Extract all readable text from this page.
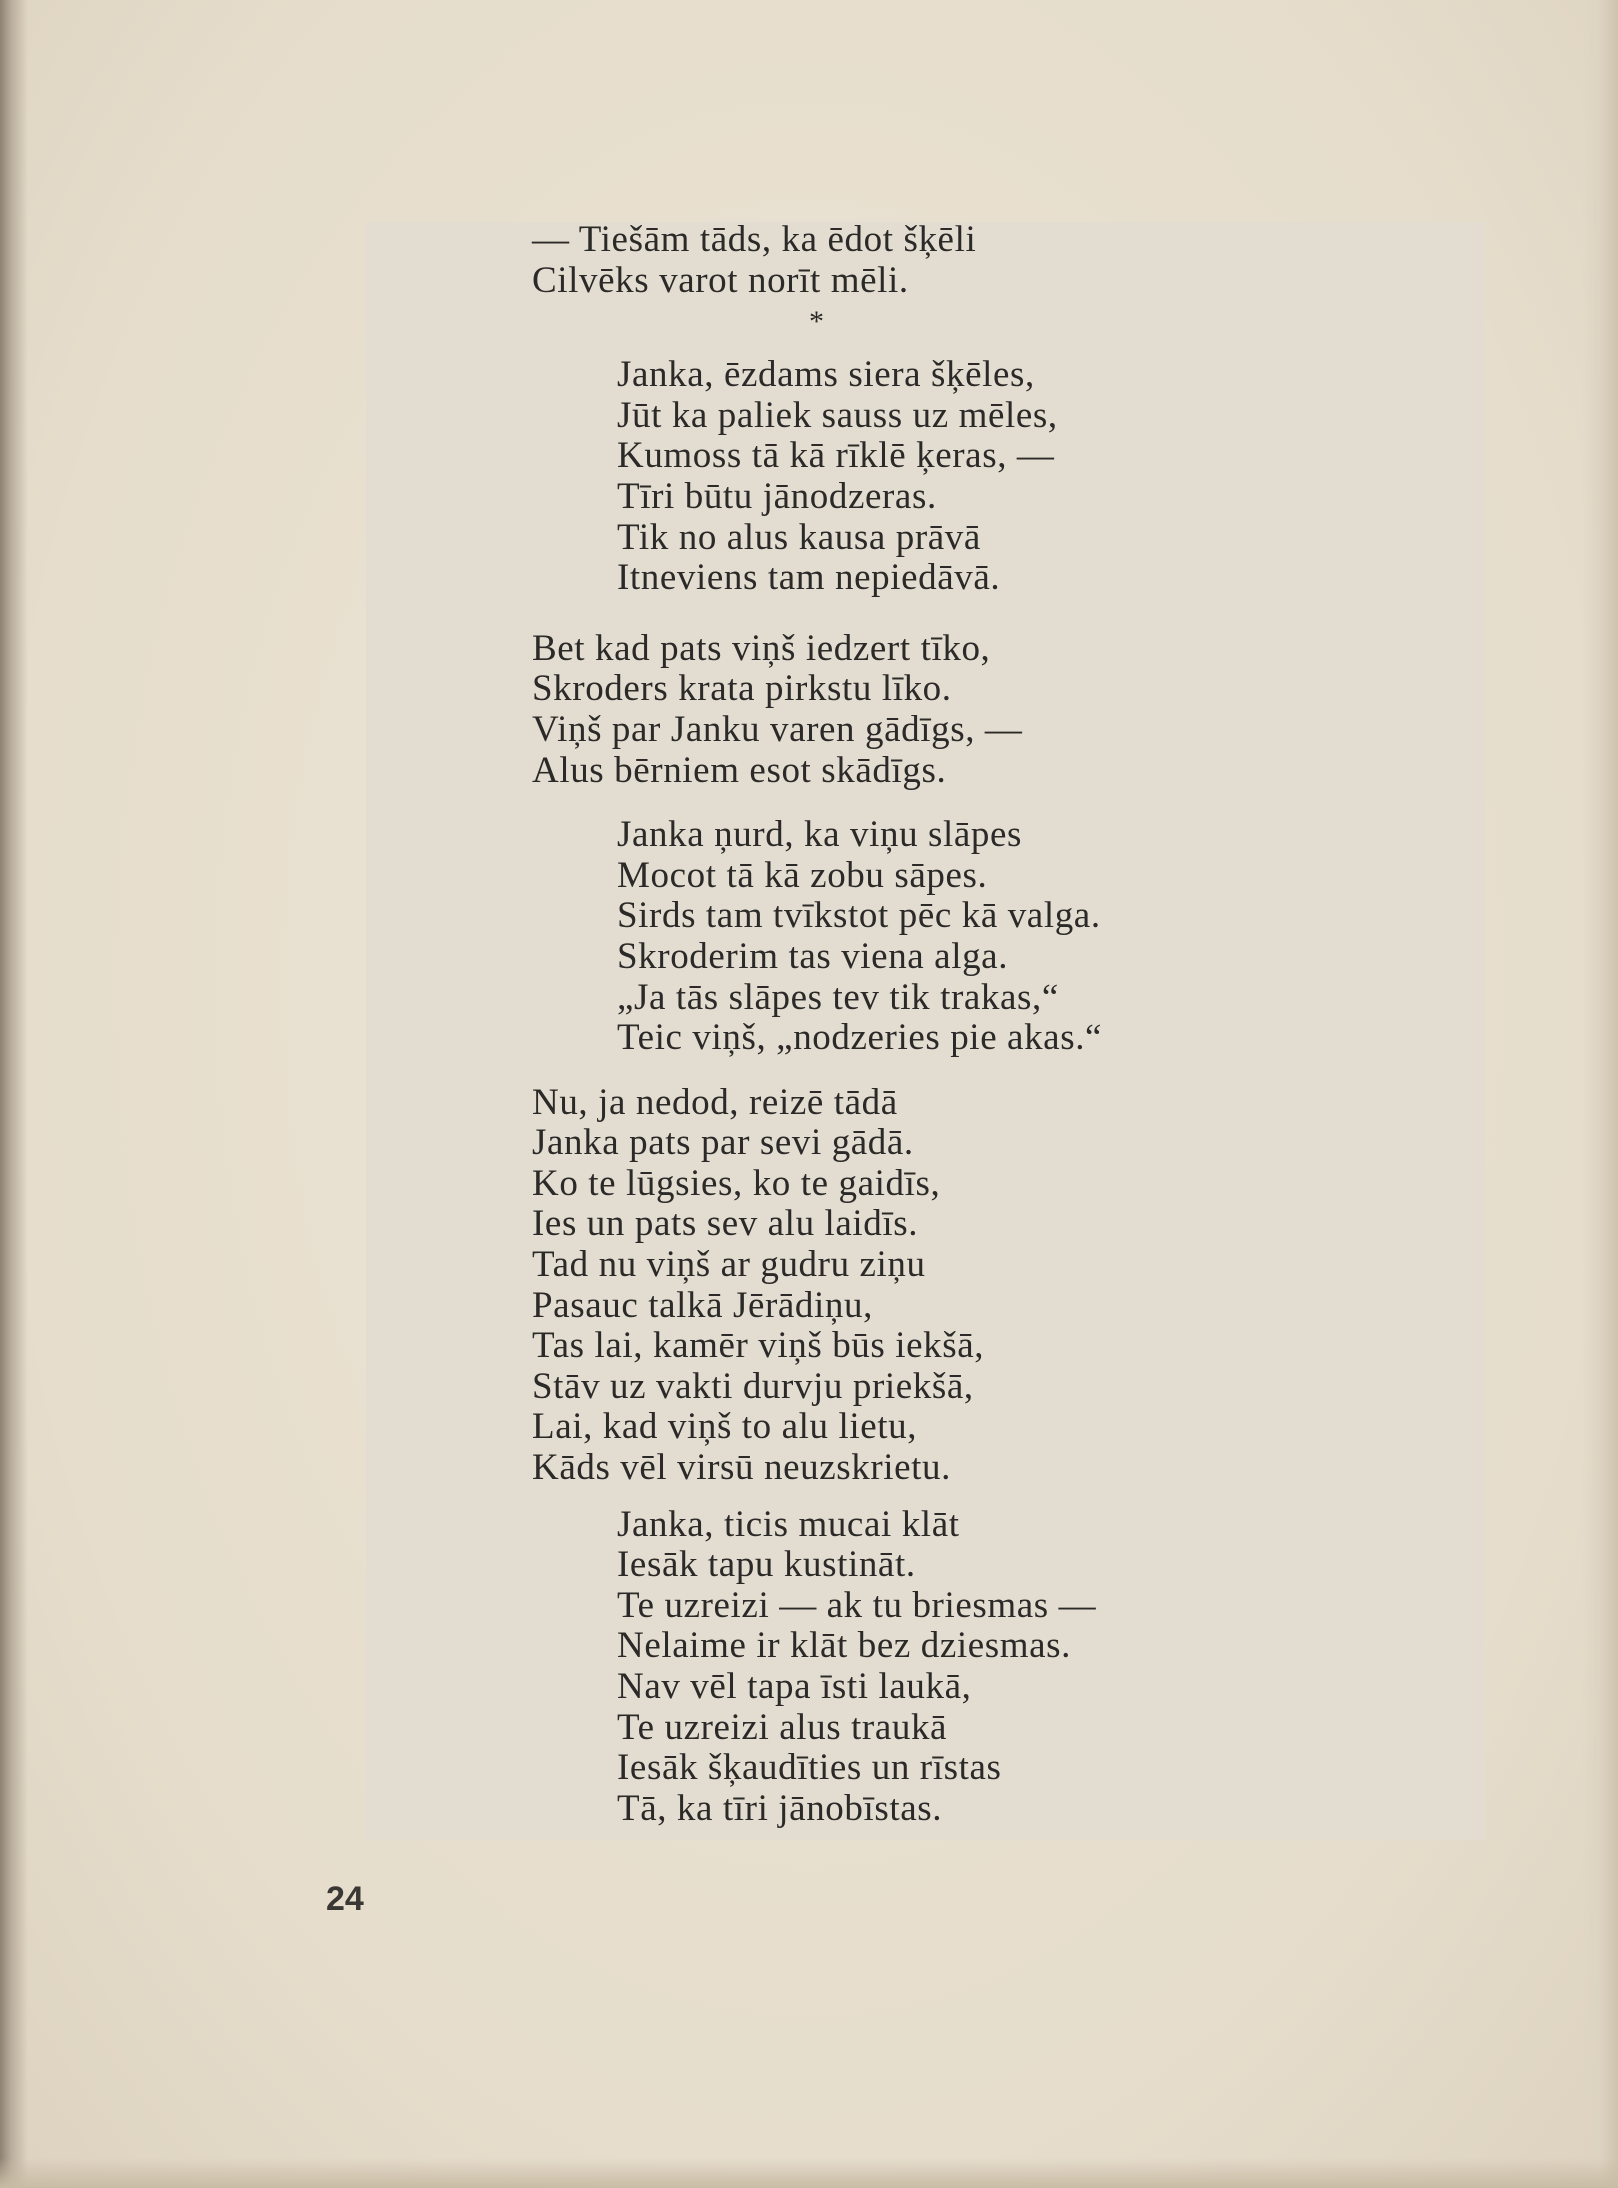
— Tiešām tāds, ka ēdot šķēli
Cilvēks varot norīt mēli.
*
Janka, ēzdams siera šķēles,
Jūt ka paliek sauss uz mēles,
Kumoss tā kā rīklē ķeras, —
Tīri būtu jānodzeras.
Tik no alus kausa prāvā
Itneviens tam nepiedāvā.
Bet kad pats viņš iedzert tīko,
Skroders krata pirkstu līko.
Viņš par Janku varen gādīgs, —
Alus bērniem esot skādīgs.
Janka ņurd, ka viņu slāpes
Mocot tā kā zobu sāpes.
Sirds tam tvīkstot pēc kā valga.
Skroderim tas viena alga.
„Ja tās slāpes tev tik trakas,“
Teic viņš, „nodzeries pie akas.“
Nu, ja nedod, reizē tādā
Janka pats par sevi gādā.
Ko te lūgsies, ko te gaidīs,
Ies un pats sev alu laidīs.
Tad nu viņš ar gudru ziņu
Pasauc talkā Jērādiņu,
Tas lai, kamēr viņš būs iekšā,
Stāv uz vakti durvju priekšā,
Lai, kad viņš to alu lietu,
Kāds vēl virsū neuzskrietu.
Janka, ticis mucai klāt
Iesāk tapu kustināt.
Te uzreizi — ak tu briesmas —
Nelaime ir klāt bez dziesmas.
Nav vēl tapa īsti laukā,
Te uzreizi alus traukā
Iesāk šķaudīties un rīstas
Tā, ka tīri jānobīstas.
24
